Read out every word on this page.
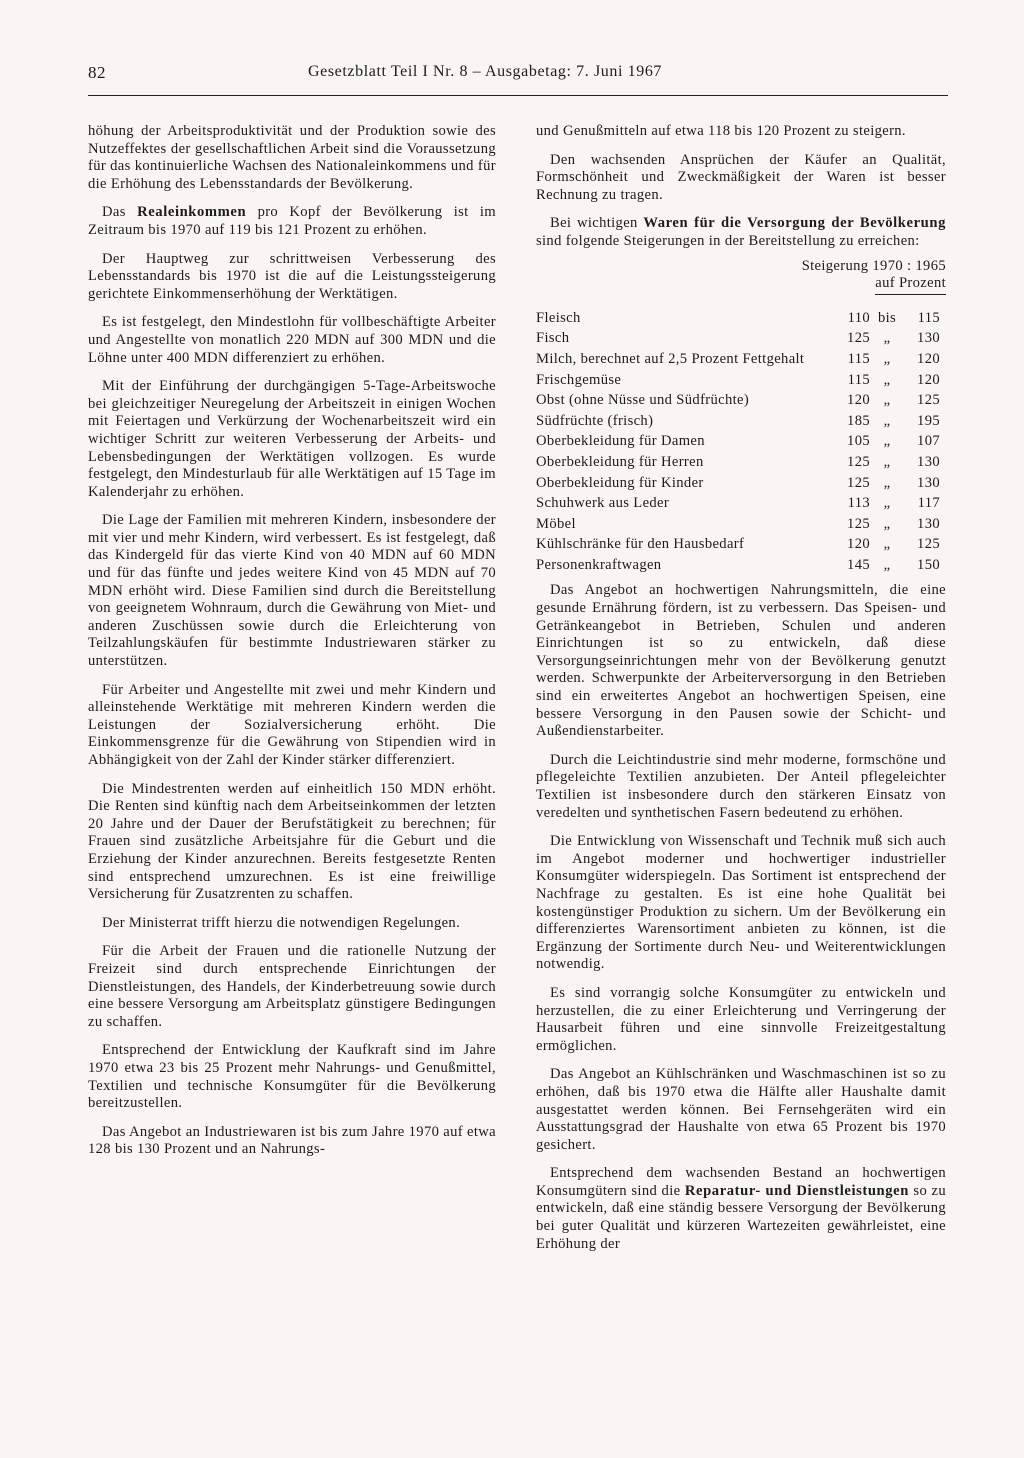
82	Gesetzblatt Teil I Nr. 8 – Ausgabetag: 7. Juni 1967

höhung der Arbeitsproduktivität und der Produktion sowie des Nutzeffektes der gesellschaftlichen Arbeit sind die Voraussetzung für das kontinuierliche Wachsen des Nationaleinkommens und für die Erhöhung des Lebensstandards der Bevölkerung.

Das Realeinkommen pro Kopf der Bevölkerung ist im Zeitraum bis 1970 auf 119 bis 121 Prozent zu erhöhen.

Der Hauptweg zur schrittweisen Verbesserung des Lebensstandards bis 1970 ist die auf die Leistungssteigerung gerichtete Einkommenserhöhung der Werktätigen.

Es ist festgelegt, den Mindestlohn für vollbeschäftigte Arbeiter und Angestellte von monatlich 220 MDN auf 300 MDN und die Löhne unter 400 MDN differenziert zu erhöhen.

Mit der Einführung der durchgängigen 5-Tage-Arbeitswoche bei gleichzeitiger Neuregelung der Arbeitszeit in einigen Wochen mit Feiertagen und Verkürzung der Wochenarbeitszeit wird ein wichtiger Schritt zur weiteren Verbesserung der Arbeits- und Lebensbedingungen der Werktätigen vollzogen. Es wurde festgelegt, den Mindesturlaub für alle Werktätigen auf 15 Tage im Kalenderjahr zu erhöhen.

Die Lage der Familien mit mehreren Kindern, insbesondere der mit vier und mehr Kindern, wird verbessert. Es ist festgelegt, daß das Kindergeld für das vierte Kind von 40 MDN auf 60 MDN und für das fünfte und jedes weitere Kind von 45 MDN auf 70 MDN erhöht wird. Diese Familien sind durch die Bereitstellung von geeignetem Wohnraum, durch die Gewährung von Miet- und anderen Zuschüssen sowie durch die Erleichterung von Teilzahlungskäufen für bestimmte Industriewaren stärker zu unterstützen.

Für Arbeiter und Angestellte mit zwei und mehr Kindern und alleinstehende Werktätige mit mehreren Kindern werden die Leistungen der Sozialversicherung erhöht. Die Einkommensgrenze für die Gewährung von Stipendien wird in Abhängigkeit von der Zahl der Kinder stärker differenziert.

Die Mindestrenten werden auf einheitlich 150 MDN erhöht. Die Renten sind künftig nach dem Arbeitseinkommen der letzten 20 Jahre und der Dauer der Berufstätigkeit zu berechnen; für Frauen sind zusätzliche Arbeitsjahre für die Geburt und die Erziehung der Kinder anzurechnen. Bereits festgesetzte Renten sind entsprechend umzurechnen. Es ist eine freiwillige Versicherung für Zusatzrenten zu schaffen.

Der Ministerrat trifft hierzu die notwendigen Regelungen.

Für die Arbeit der Frauen und die rationelle Nutzung der Freizeit sind durch entsprechende Einrichtungen der Dienstleistungen, des Handels, der Kinderbetreuung sowie durch eine bessere Versorgung am Arbeitsplatz günstigere Bedingungen zu schaffen.

Entsprechend der Entwicklung der Kaufkraft sind im Jahre 1970 etwa 23 bis 25 Prozent mehr Nahrungs- und Genußmittel, Textilien und technische Konsumgüter für die Bevölkerung bereitzustellen.

Das Angebot an Industriewaren ist bis zum Jahre 1970 auf etwa 128 bis 130 Prozent und an Nahrungs-

und Genußmitteln auf etwa 118 bis 120 Prozent zu steigern.

Den wachsenden Ansprüchen der Käufer an Qualität, Formschönheit und Zweckmäßigkeit der Waren ist besser Rechnung zu tragen.

Bei wichtigen Waren für die Versorgung der Bevölkerung sind folgende Steigerungen in der Bereitstellung zu erreichen:

Steigerung 1970 : 1965
auf Prozent
Fleisch	110	bis	115
Fisch	125	„	130
Milch, berechnet auf 2,5 Prozent Fettgehalt	115	„	120
Frischgemüse	115	„	120
Obst (ohne Nüsse und Südfrüchte)	120	„	125
Südfrüchte (frisch)	185	„	195
Oberbekleidung für Damen	105	„	107
Oberbekleidung für Herren	125	„	130
Oberbekleidung für Kinder	125	„	130
Schuhwerk aus Leder	113	„	117
Möbel	125	„	130
Kühlschränke für den Hausbedarf	120	„	125
Personenkraftwagen	145	„	150

Das Angebot an hochwertigen Nahrungsmitteln, die eine gesunde Ernährung fördern, ist zu verbessern. Das Speisen- und Getränkeangebot in Betrieben, Schulen und anderen Einrichtungen ist so zu entwickeln, daß diese Versorgungseinrichtungen mehr von der Bevölkerung genutzt werden. Schwerpunkte der Arbeiterversorgung in den Betrieben sind ein erweitertes Angebot an hochwertigen Speisen, eine bessere Versorgung in den Pausen sowie der Schicht- und Außendienstarbeiter.

Durch die Leichtindustrie sind mehr moderne, formschöne und pflegeleichte Textilien anzubieten. Der Anteil pflegeleichter Textilien ist insbesondere durch den stärkeren Einsatz von veredelten und synthetischen Fasern bedeutend zu erhöhen.

Die Entwicklung von Wissenschaft und Technik muß sich auch im Angebot moderner und hochwertiger industrieller Konsumgüter widerspiegeln. Das Sortiment ist entsprechend der Nachfrage zu gestalten. Es ist eine hohe Qualität bei kostengünstiger Produktion zu sichern. Um der Bevölkerung ein differenziertes Warensortiment anbieten zu können, ist die Ergänzung der Sortimente durch Neu- und Weiterentwicklungen notwendig.

Es sind vorrangig solche Konsumgüter zu entwickeln und herzustellen, die zu einer Erleichterung und Verringerung der Hausarbeit führen und eine sinnvolle Freizeitgestaltung ermöglichen.

Das Angebot an Kühlschränken und Waschmaschinen ist so zu erhöhen, daß bis 1970 etwa die Hälfte aller Haushalte damit ausgestattet werden können. Bei Fernsehgeräten wird ein Ausstattungsgrad der Haushalte von etwa 65 Prozent bis 1970 gesichert.

Entsprechend dem wachsenden Bestand an hochwertigen Konsumgütern sind die Reparatur- und Dienstleistungen so zu entwickeln, daß eine ständig bessere Versorgung der Bevölkerung bei guter Qualität und kürzeren Wartezeiten gewährleistet, eine Erhöhung der
